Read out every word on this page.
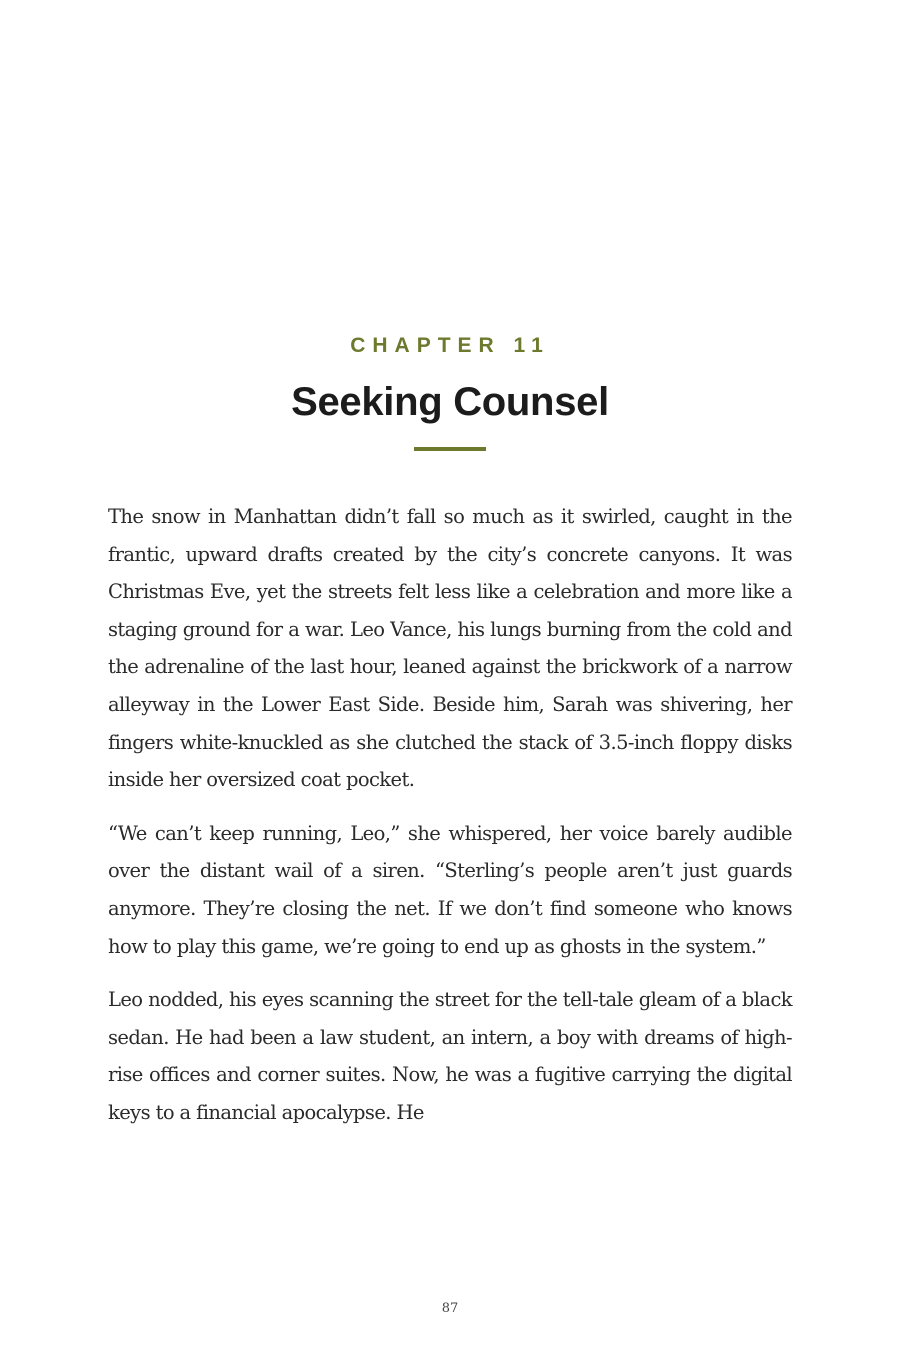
CHAPTER 11
Seeking Counsel

The snow in Manhattan didn’t fall so much as it swirled, caught in the frantic, upward drafts created by the city’s concrete canyons. It was Christmas Eve, yet the streets felt less like a celebration and more like a staging ground for a war. Leo Vance, his lungs burning from the cold and the adrenaline of the last hour, leaned against the brickwork of a narrow alleyway in the Lower East Side. Beside him, Sarah was shivering, her fingers white-knuckled as she clutched the stack of 3.5-inch floppy disks inside her oversized coat pocket.

“We can’t keep running, Leo,” she whispered, her voice barely audible over the distant wail of a siren. “Sterling’s people aren’t just guards anymore. They’re closing the net. If we don’t find someone who knows how to play this game, we’re going to end up as ghosts in the system.”

Leo nodded, his eyes scanning the street for the tell-tale gleam of a black sedan. He had been a law student, an intern, a boy with dreams of high-rise offices and corner suites. Now, he was a fugitive carrying the digital keys to a financial apocalypse. He

87
